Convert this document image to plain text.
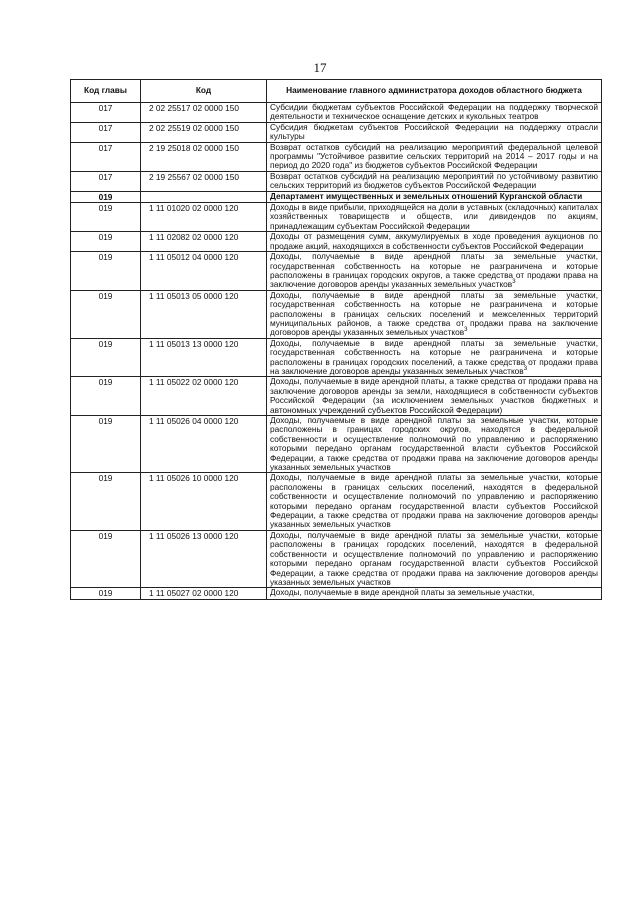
17
Код главы	Код	Наименование главного администратора доходов областного бюджета
017	2 02 25517 02 0000 150	Субсидии бюджетам субъектов Российской Федерации на поддержку творческой деятельности и техническое оснащение детских и кукольных театров
017	2 02 25519 02 0000 150	Субсидия бюджетам субъектов Российской Федерации на поддержку отрасли культуры
017	2 19 25018 02 0000 150	Возврат остатков субсидий на реализацию мероприятий федеральной целевой программы "Устойчивое развитие сельских территорий на 2014 – 2017 годы и на период до 2020 года" из бюджетов субъектов Российской Федерации
017	2 19 25567 02 0000 150	Возврат остатков субсидий на реализацию мероприятий по устойчивому развитию сельских территорий из бюджетов субъектов Российской Федерации
019		Департамент имущественных и земельных отношений Курганской области
019	1 11 01020 02 0000 120	Доходы в виде прибыли, приходящейся на доли в уставных (складочных) капиталах хозяйственных товариществ и обществ, или дивидендов по акциям, принадлежащим субъектам Российской Федерации
019	1 11 02082 02 0000 120	Доходы от размещения сумм, аккумулируемых в ходе проведения аукционов по продаже акций, находящихся в собственности субъектов Российской Федерации
019	1 11 05012 04 0000 120	Доходы, получаемые в виде арендной платы за земельные участки, государственная собственность на которые не разграничена и которые расположены в границах городских округов, а также средства от продажи права на заключение договоров аренды указанных земельных участков$^3$
019	1 11 05013 05 0000 120	Доходы, получаемые в виде арендной платы за земельные участки, государственная собственность на которые не разграничена и которые расположены в границах сельских поселений и межселенных территорий муниципальных районов, а также средства от продажи права на заключение договоров аренды указанных земельных участков$^3$
019	1 11 05013 13 0000 120	Доходы, получаемые в виде арендной платы за земельные участки, государственная собственность на которые не разграничена и которые расположены в границах городских поселений, а также средства от продажи права на заключение договоров аренды указанных земельных участков$^3$
019	1 11 05022 02 0000 120	Доходы, получаемые в виде арендной платы, а также средства от продажи права на заключение договоров аренды за земли, находящиеся в собственности субъектов Российской Федерации (за исключением земельных участков бюджетных и автономных учреждений субъектов Российской Федерации)
019	1 11 05026 04 0000 120	Доходы, получаемые в виде арендной платы за земельные участки, которые расположены в границах городских округов, находятся в федеральной собственности и осуществление полномочий по управлению и распоряжению которыми передано органам государственной власти субъектов Российской Федерации, а также средства от продажи права на заключение договоров аренды указанных земельных участков
019	1 11 05026 10 0000 120	Доходы, получаемые в виде арендной платы за земельные участки, которые расположены в границах сельских поселений, находятся в федеральной собственности и осуществление полномочий по управлению и распоряжению которыми передано органам государственной власти субъектов Российской Федерации, а также средства от продажи права на заключение договоров аренды указанных земельных участков
019	1 11 05026 13 0000 120	Доходы, получаемые в виде арендной платы за земельные участки, которые расположены в границах городских поселений, находятся в федеральной собственности и осуществление полномочий по управлению и распоряжению которыми передано органам государственной власти субъектов Российской Федерации, а также средства от продажи права на заключение договоров аренды указанных земельных участков
019	1 11 05027 02 0000 120	Доходы, получаемые в виде арендной платы за земельные участки,
